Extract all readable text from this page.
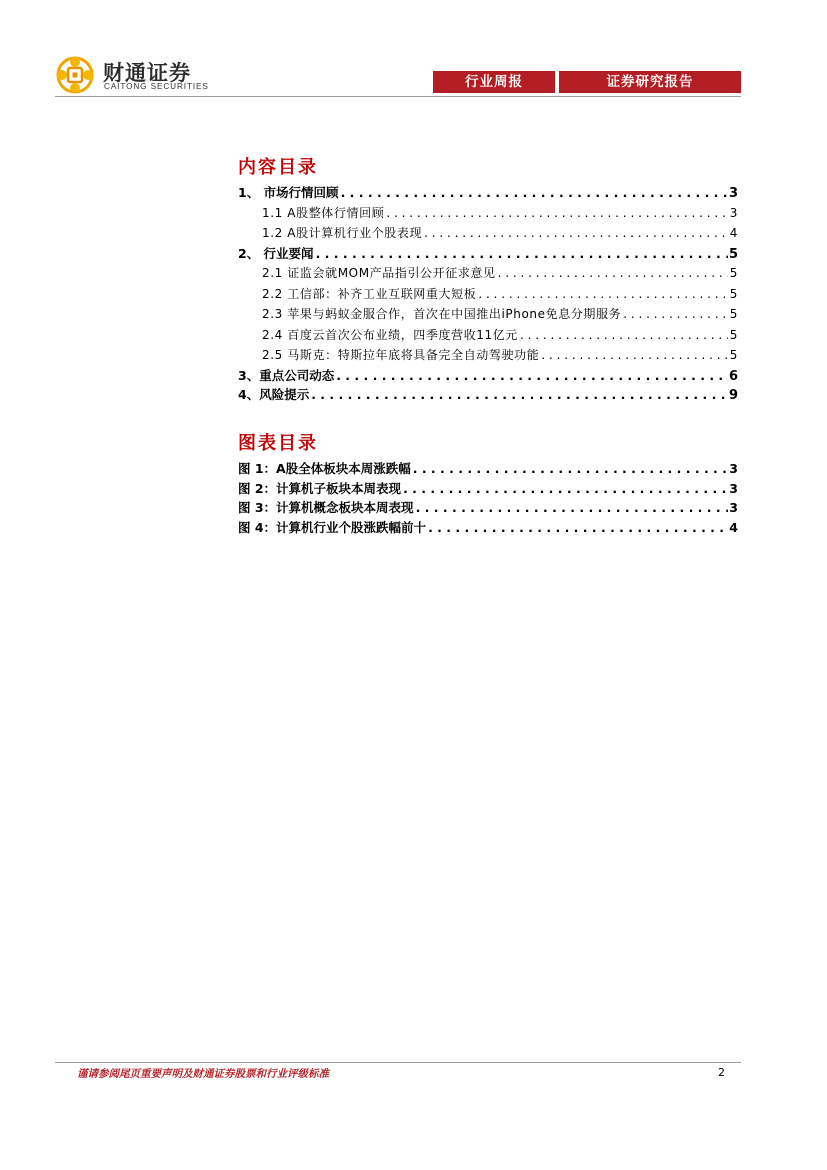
财通证券
CAITONG SECURITIES	行业周报	证券研究报告
内容目录
1、 市场行情回顾 . . .	3
1.1 A股整体行情回顾 . . .	3
1.2 A股计算机行业个股表现 . . .	4
2、 行业要闻 . . .	5
2.1 证监会就MOM产品指引公开征求意见 . . .	5
2.2 工信部：补齐工业互联网重大短板 . . .	5
2.3 苹果与蚂蚁金服合作，首次在中国推出iPhone免息分期服务 . . .	5
2.4 百度云首次公布业绩，四季度营收11亿元 . . .	5
2.5 马斯克：特斯拉年底将具备完全自动驾驶功能 . . .	5
3、重点公司动态 . . .	6
4、风险提示 . . .	9
图表目录
图 1：A股全体板块本周涨跌幅 . . .	3
图 2：计算机子板块本周表现 . . .	3
图 3：计算机概念板块本周表现 . . .	3
图 4：计算机行业个股涨跌幅前十 . . .	4
谨请参阅尾页重要声明及财通证券股票和行业评级标准	2
